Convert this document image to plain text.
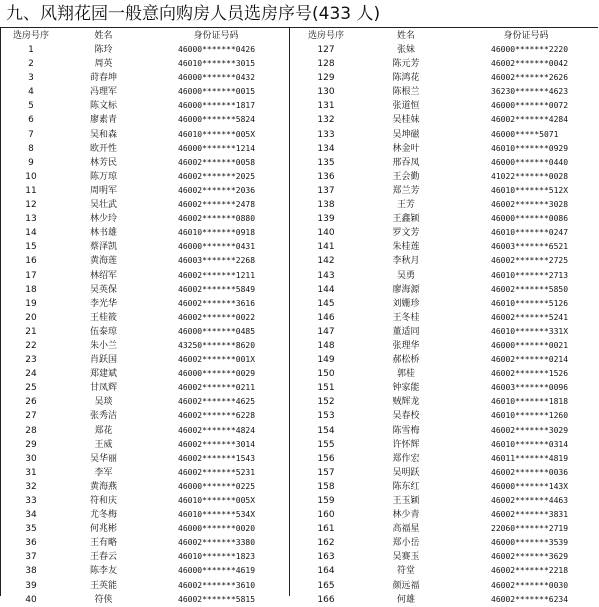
九、风翔花园一般意向购房人员选房序号(433 人)
选房号序	姓名	身份证号码
1	陈玲	46000*******0426
2	周英	46010*******3015
3	莳春坤	46000*******0432
4	冯理军	46000*******0015
5	陈文标	46000*******1817
6	廖素青	46000*******5824
7	吴和森	46010*******005X
8	欧开性	46000*******1214
9	林芳民	46002*******0058
10	陈万琼	46002*******2025
11	周明军	46002*******2036
12	吴壮武	46002*******2478
13	林少玲	46002*******0880
14	林书雄	46010*******0918
15	蔡泽凯	46000*******0431
16	黄海莲	46003*******2268
17	林绍军	46002*******1211
18	吴英保	46002*******5849
19	李光华	46002*******3616
20	王桂筱	46002*******0022
21	伍泰琼	46000*******0485
22	朱小兰	43250*******8620
23	肖跃国	46002*******001X
24	郑建斌	46000*******0029
25	甘凤辉	46002*******0211
26	吴琰	46002*******4625
27	张秀洁	46002*******6228
28	郑花	46002*******4824
29	王威	46002*******3014
30	吴华丽	46002*******1543
31	李军	46002*******5231
32	黄海燕	46000*******0225
33	符和庆	46010*******005X
34	尤冬梅	46010*******534X
35	何兆彬	46000*******0020
36	王有略	46002*******3380
37	王春云	46010*******1823
38	陈李友	46000*******4619
39	王英能	46002*******3610
40	符侠	46002*******5815
选房号序	姓名	身份证号码
127	张妹	46000*******2220
128	陈元芳	46002*******0042
129	陈鸿花	46002*******2626
130	陈根兰	36230*******4623
131	张道恒	46000*******0072
132	吴桂妹	46002*******4284
133	吴坤磁	46000*****5071
134	林金叶	46010*******0929
135	邢吞凤	46000*******0440
136	王会勤	41022*******0028
137	郑兰芳	46010*******512X
138	王芳	46002*******3028
139	王鑫颖	46000*******0086
140	罗文芳	46010*******0247
141	朱桂莲	46003*******6521
142	李秋月	46002*******2725
143	吴勇	46010*******2713
144	廖海源	46002*******5850
145	刘姗珍	46010*******5126
146	王冬桂	46002*******5241
147	董适同	46010*******331X
148	张理华	46000*******0021
149	郝松桥	46002*******0214
150	郭桂	46002*******1526
151	钟家能	46003*******0096
152	贼辉龙	46010*******1818
153	吴春校	46010*******1260
154	陈雪梅	46002*******3029
155	许怀辉	46010*******0314
156	郑作宏	46011*******4819
157	吴明跃	46002*******0036
158	陈东红	46000*******143X
159	王玉颖	46002*******4463
160	林少青	46002*******3831
161	高福星	22060*******2719
162	郑小岳	46000*******3539
163	吴赛玉	46002*******3629
164	符堂	46002*******2218
165	颜远福	46002*******0030
166	何雄	46002*******6234
